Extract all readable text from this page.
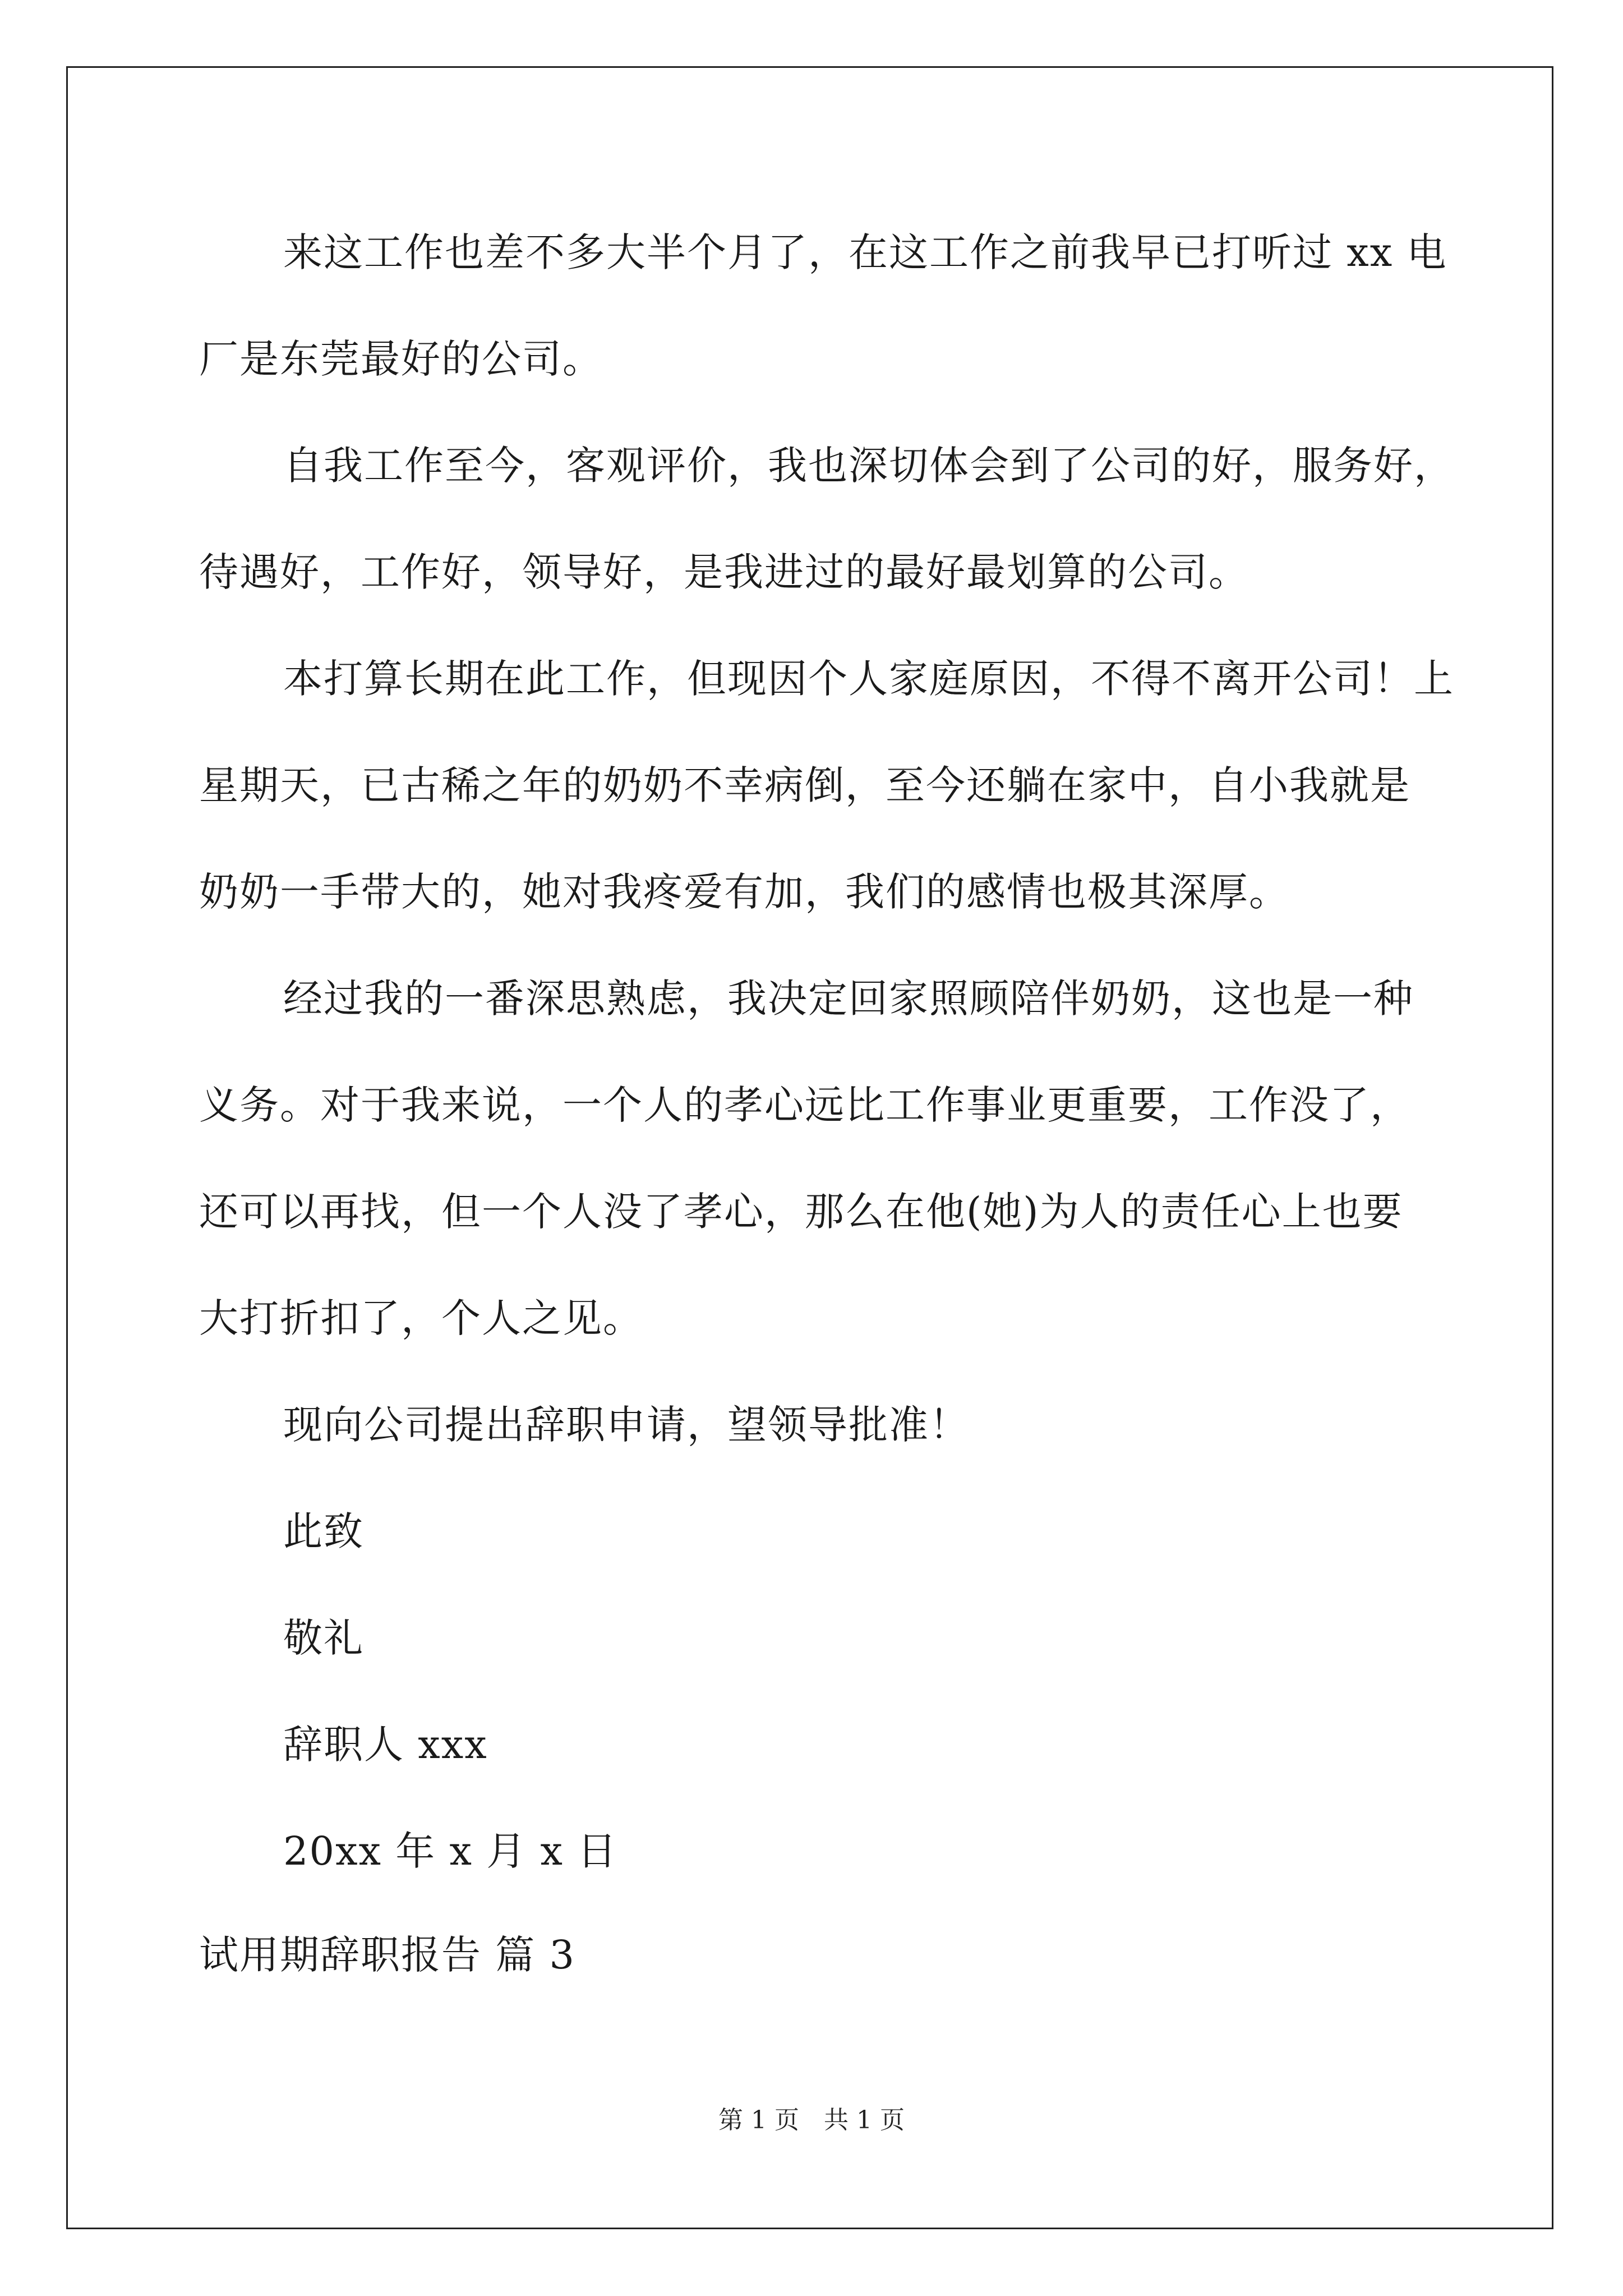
来这工作也差不多大半个月了，在这工作之前我早已打听过 xx 电
厂是东莞最好的公司。
自我工作至今，客观评价，我也深切体会到了公司的好，服务好，
待遇好，工作好，领导好，是我进过的最好最划算的公司。
本打算长期在此工作，但现因个人家庭原因，不得不离开公司！上
星期天，已古稀之年的奶奶不幸病倒，至今还躺在家中，自小我就是
奶奶一手带大的，她对我疼爱有加，我们的感情也极其深厚。
经过我的一番深思熟虑，我决定回家照顾陪伴奶奶，这也是一种
义务。对于我来说，一个人的孝心远比工作事业更重要，工作没了，
还可以再找，但一个人没了孝心，那么在他(她)为人的责任心上也要
大打折扣了，个人之见。
现向公司提出辞职申请，望领导批准！
此致
敬礼
辞职人 xxx
20xx 年 x 月 x 日
试用期辞职报告 篇 3
第 1 页　共 1 页
